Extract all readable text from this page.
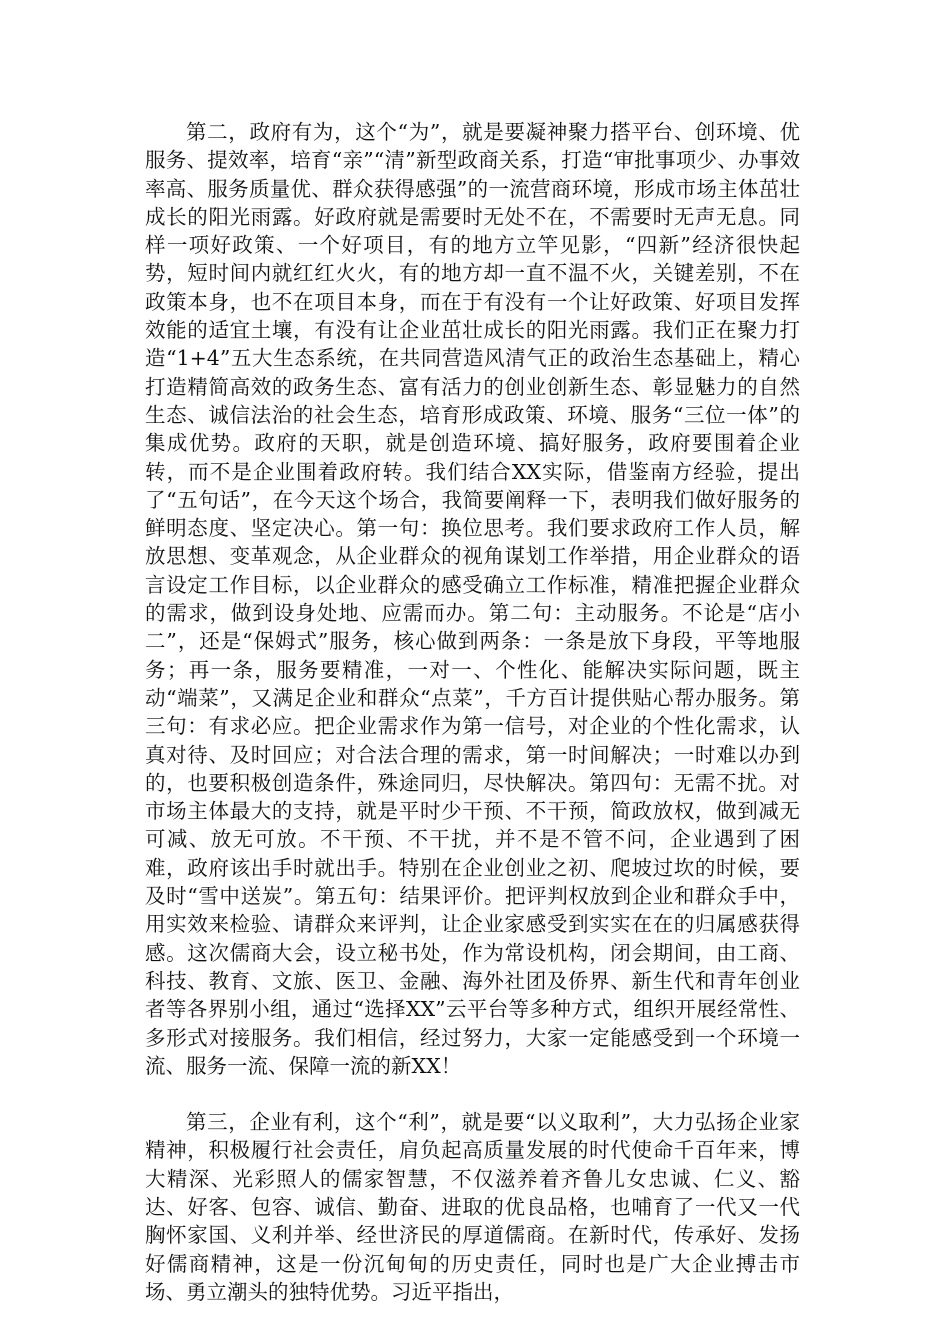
第二，政府有为，这个“为”，就是要凝神聚力搭平台、创环境、优服务、提效率，培育“亲”“清”新型政商关系，打造“审批事项少、办事效率高、服务质量优、群众获得感强”的一流营商环境，形成市场主体茁壮成长的阳光雨露。好政府就是需要时无处不在，不需要时无声无息。同样一项好政策、一个好项目，有的地方立竿见影，“四新”经济很快起势，短时间内就红红火火，有的地方却一直不温不火，关键差别，不在政策本身，也不在项目本身，而在于有没有一个让好政策、好项目发挥效能的适宜土壤，有没有让企业茁壮成长的阳光雨露。我们正在聚力打造“1+4”五大生态系统，在共同营造风清气正的政治生态基础上，精心打造精简高效的政务生态、富有活力的创业创新生态、彰显魅力的自然生态、诚信法治的社会生态，培育形成政策、环境、服务“三位一体”的集成优势。政府的天职，就是创造环境、搞好服务，政府要围着企业转，而不是企业围着政府转。我们结合XX实际，借鉴南方经验，提出了“五句话”，在今天这个场合，我简要阐释一下，表明我们做好服务的鲜明态度、坚定决心。第一句：换位思考。我们要求政府工作人员，解放思想、变革观念，从企业群众的视角谋划工作举措，用企业群众的语言设定工作目标，以企业群众的感受确立工作标准，精准把握企业群众的需求，做到设身处地、应需而办。第二句：主动服务。不论是“店小二”，还是“保姆式”服务，核心做到两条：一条是放下身段，平等地服务；再一条，服务要精准，一对一、个性化、能解决实际问题，既主动“端菜”，又满足企业和群众“点菜”，千方百计提供贴心帮办服务。第三句：有求必应。把企业需求作为第一信号，对企业的个性化需求，认真对待、及时回应；对合法合理的需求，第一时间解决；一时难以办到的，也要积极创造条件，殊途同归，尽快解决。第四句：无需不扰。对市场主体最大的支持，就是平时少干预、不干预，简政放权，做到减无可减、放无可放。不干预、不干扰，并不是不管不问，企业遇到了困难，政府该出手时就出手。特别在企业创业之初、爬坡过坎的时候，要及时“雪中送炭”。第五句：结果评价。把评判权放到企业和群众手中，用实效来检验、请群众来评判，让企业家感受到实实在在的归属感获得感。这次儒商大会，设立秘书处，作为常设机构，闭会期间，由工商、科技、教育、文旅、医卫、金融、海外社团及侨界、新生代和青年创业者等各界别小组，通过“选择XX”云平台等多种方式，组织开展经常性、多形式对接服务。我们相信，经过努力，大家一定能感受到一个环境一流、服务一流、保障一流的新XX！

第三，企业有利，这个“利”，就是要“以义取利”，大力弘扬企业家精神，积极履行社会责任，肩负起高质量发展的时代使命千百年来，博大精深、光彩照人的儒家智慧，不仅滋养着齐鲁儿女忠诚、仁义、豁达、好客、包容、诚信、勤奋、进取的优良品格，也哺育了一代又一代胸怀家国、义利并举、经世济民的厚道儒商。在新时代，传承好、发扬好儒商精神，这是一份沉甸甸的历史责任，同时也是广大企业搏击市场、勇立潮头的独特优势。习近平指出，
